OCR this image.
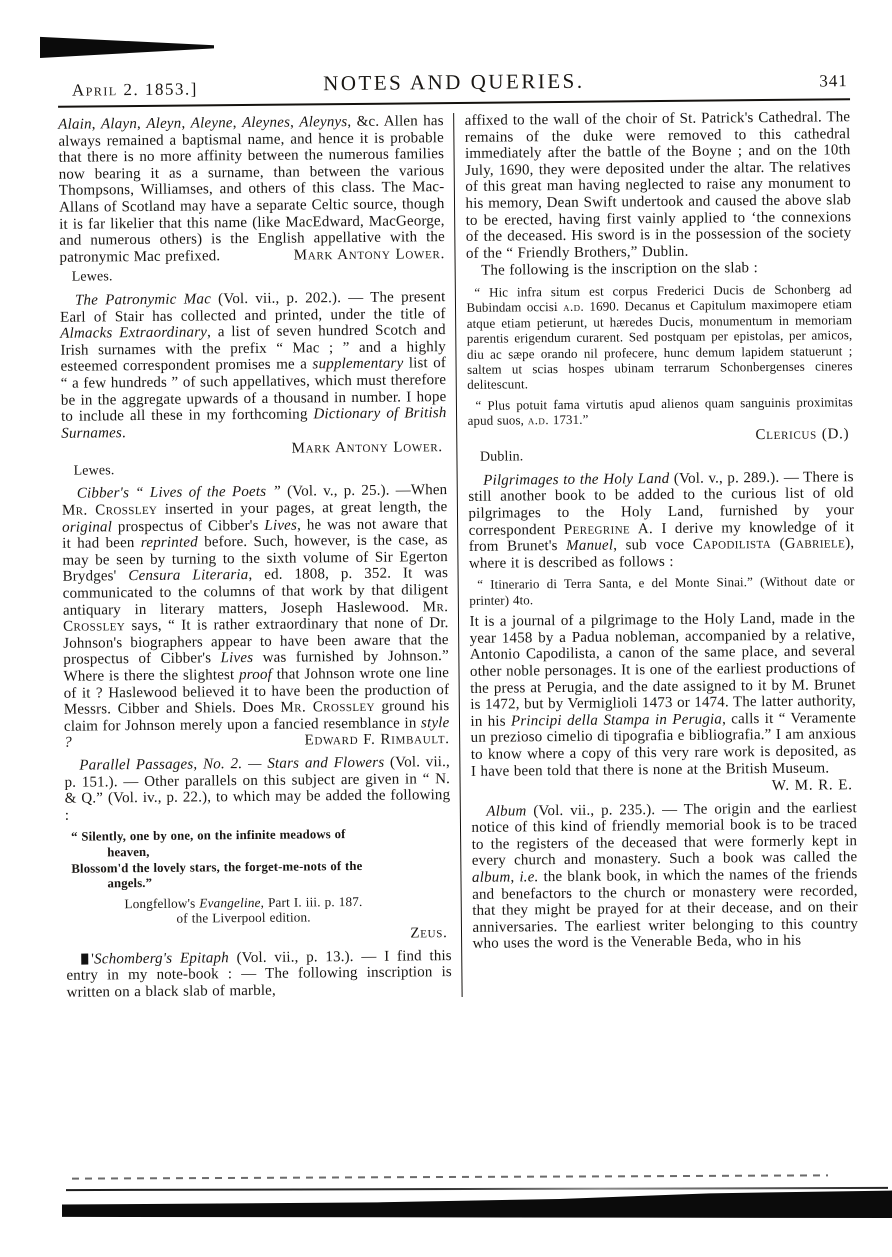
April 2. 1853.]	NOTES AND QUERIES.	341

Alain, Alayn, Aleyn, Aleyne, Aleynes, Aleynys, &c. Allen has always remained a baptismal name, and hence it is probable that there is no more affinity between the numerous families now bearing it as a surname, than between the various Thompsons, Williamses, and others of this class. The Mac-Allans of Scotland may have a separate Celtic source, though it is far likelier that this name (like MacEdward, MacGeorge, and numerous others) is the English appellative with the patronymic Mac prefixed.	Mark Antony Lower.

Lewes.

The Patronymic Mac (Vol. vii., p. 202.). — The present Earl of Stair has collected and printed, under the title of Almacks Extraordinary, a list of seven hundred Scotch and Irish surnames with the prefix “ Mac ; ” and a highly esteemed correspondent promises me a supplementary list of “ a few hundreds ” of such appellatives, which must therefore be in the aggregate upwards of a thousand in number. I hope to include all these in my forthcoming Dictionary of British Surnames.

Mark Antony Lower.

Lewes.

Cibber's “ Lives of the Poets ” (Vol. v., p. 25.). —When Mr. Crossley inserted in your pages, at great length, the original prospectus of Cibber's Lives, he was not aware that it had been reprinted before. Such, however, is the case, as may be seen by turning to the sixth volume of Sir Egerton Brydges' Censura Literaria, ed. 1808, p. 352. It was communicated to the columns of that work by that diligent antiquary in literary matters, Joseph Haslewood. Mr. Crossley says, “ It is rather extraordinary that none of Dr. Johnson's biographers appear to have been aware that the prospectus of Cibber's Lives was furnished by Johnson.” Where is there the slightest proof that Johnson wrote one line of it ? Haslewood believed it to have been the production of Messrs. Cibber and Shiels. Does Mr. Crossley ground his claim for Johnson merely upon a fancied resemblance in style ?	Edward F. Rimbault.

Parallel Passages, No. 2. — Stars and Flowers (Vol. vii., p. 151.). — Other parallels on this subject are given in “ N. & Q.” (Vol. iv., p. 22.), to which may be added the following :

“ Silently, one by one, on the infinite meadows of
heaven,
Blossom'd the lovely stars, the forget-me-nots of the
angels.”

Longfellow's Evangeline, Part I. iii. p. 187.
of the Liverpool edition.

Zeus.

'Schomberg's Epitaph (Vol. vii., p. 13.). — I find this entry in my note-book : — The following inscription is written on a black slab of marble,

affixed to the wall of the choir of St. Patrick's Cathedral. The remains of the duke were removed to this cathedral immediately after the battle of the Boyne ; and on the 10th July, 1690, they were deposited under the altar. The relatives of this great man having neglected to raise any monument to his memory, Dean Swift undertook and caused the above slab to be erected, having first vainly applied to ‘the connexions of the deceased. His sword is in the possession of the society of the “ Friendly Brothers,” Dublin.

The following is the inscription on the slab :

“ Hic infra situm est corpus Frederici Ducis de Schonberg ad Bubindam occisi a.d. 1690. Decanus et Capitulum maximopere etiam atque etiam petierunt, ut hæredes Ducis, monumentum in memoriam parentis erigendum curarent. Sed postquam per epistolas, per amicos, diu ac sæpe orando nil profecere, hunc demum lapidem statuerunt ; saltem ut scias hospes ubinam terrarum Schonbergenses cineres delitescunt.

“ Plus potuit fama virtutis apud alienos quam sanguinis proximitas apud suos, a.d. 1731.”

Clericus (D.)

Dublin.

Pilgrimages to the Holy Land (Vol. v., p. 289.). — There is still another book to be added to the curious list of old pilgrimages to the Holy Land, furnished by your correspondent Peregrine A. I derive my knowledge of it from Brunet's Manuel, sub voce Capodilista (Gabriele), where it is described as follows :

“ Itinerario di Terra Santa, e del Monte Sinai.” (Without date or printer) 4to.

It is a journal of a pilgrimage to the Holy Land, made in the year 1458 by a Padua nobleman, accompanied by a relative, Antonio Capodilista, a canon of the same place, and several other noble personages. It is one of the earliest productions of the press at Perugia, and the date assigned to it by M. Brunet is 1472, but by Vermiglioli 1473 or 1474. The latter authority, in his Principi della Stampa in Perugia, calls it “ Veramente un prezioso cimelio di tipografia e bibliografia.” I am anxious to know where a copy of this very rare work is deposited, as I have been told that there is none at the British Museum.

W. M. R. E.

Album (Vol. vii., p. 235.). — The origin and the earliest notice of this kind of friendly memorial book is to be traced to the registers of the deceased that were formerly kept in every church and monastery. Such a book was called the album, i.e. the blank book, in which the names of the friends and benefactors to the church or monastery were recorded, that they might be prayed for at their decease, and on their anniversaries. The earliest writer belonging to this country who uses the word is the Venerable Beda, who in his
